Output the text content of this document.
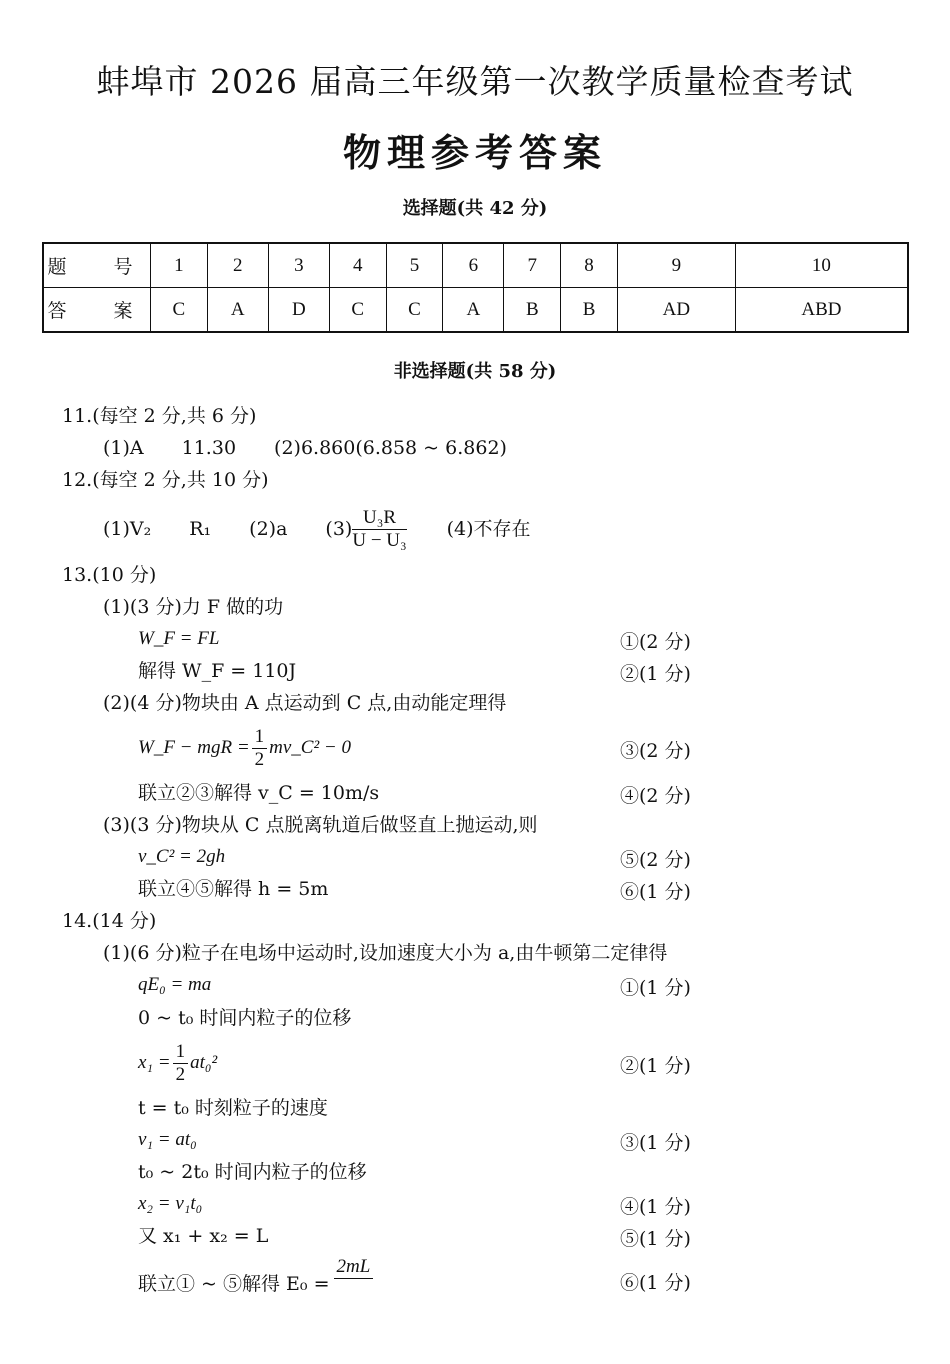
蚌埠市 2026 届高三年级第一次教学质量检查考试
物理参考答案
选择题(共 42 分)
题　号	1	2	3	4	5	6	7	8	9	10
答　案	C	A	D	C	C	A	B	B	AD	ABD
非选择题(共 58 分)
11.(每空 2 分,共 6 分)
(1)A　　11.30　　(2)6.860(6.858 ~ 6.862)
12.(每空 2 分,共 10 分)
(1)V₂　　R₁　　(2)a　　$(3) \frac{\text{U₃R}}{\text{U − U₃}} (4)$不存在
13.(10 分)
(1)(3 分)力 F 做的功
W_F = FL	①(2 分)
解得 W_F = 110J	②(1 分)
(2)(4 分)物块由 A 点运动到 C 点,由动能定理得
W_F − mgR = $\frac{1}{2}$ mv_C² − 0	③(2 分)
联立②③解得 v_C = 10m/s	④(2 分)
(3)(3 分)物块从 C 点脱离轨道后做竖直上抛运动,则
v_C² = 2gh	⑤(2 分)
联立④⑤解得 h = 5m	⑥(1 分)
14.(14 分)
(1)(6 分)粒子在电场中运动时,设加速度大小为 a,由牛顿第二定律得
qE₀ = ma	①(1 分)
0 ~ t₀ 时间内粒子的位移
$x_1 = \frac{1}{2} at_0^2$	②(1 分)
t = t₀ 时刻粒子的速度
v₁ = at₀	③(1 分)
t₀ ~ 2t₀ 时间内粒子的位移
x₂ = v₁t₀	④(1 分)
又 x₁ + x₂ = L	⑤(1 分)
联立① ~ ⑤解得 E₀ =
2mL
⑥(1 分)
